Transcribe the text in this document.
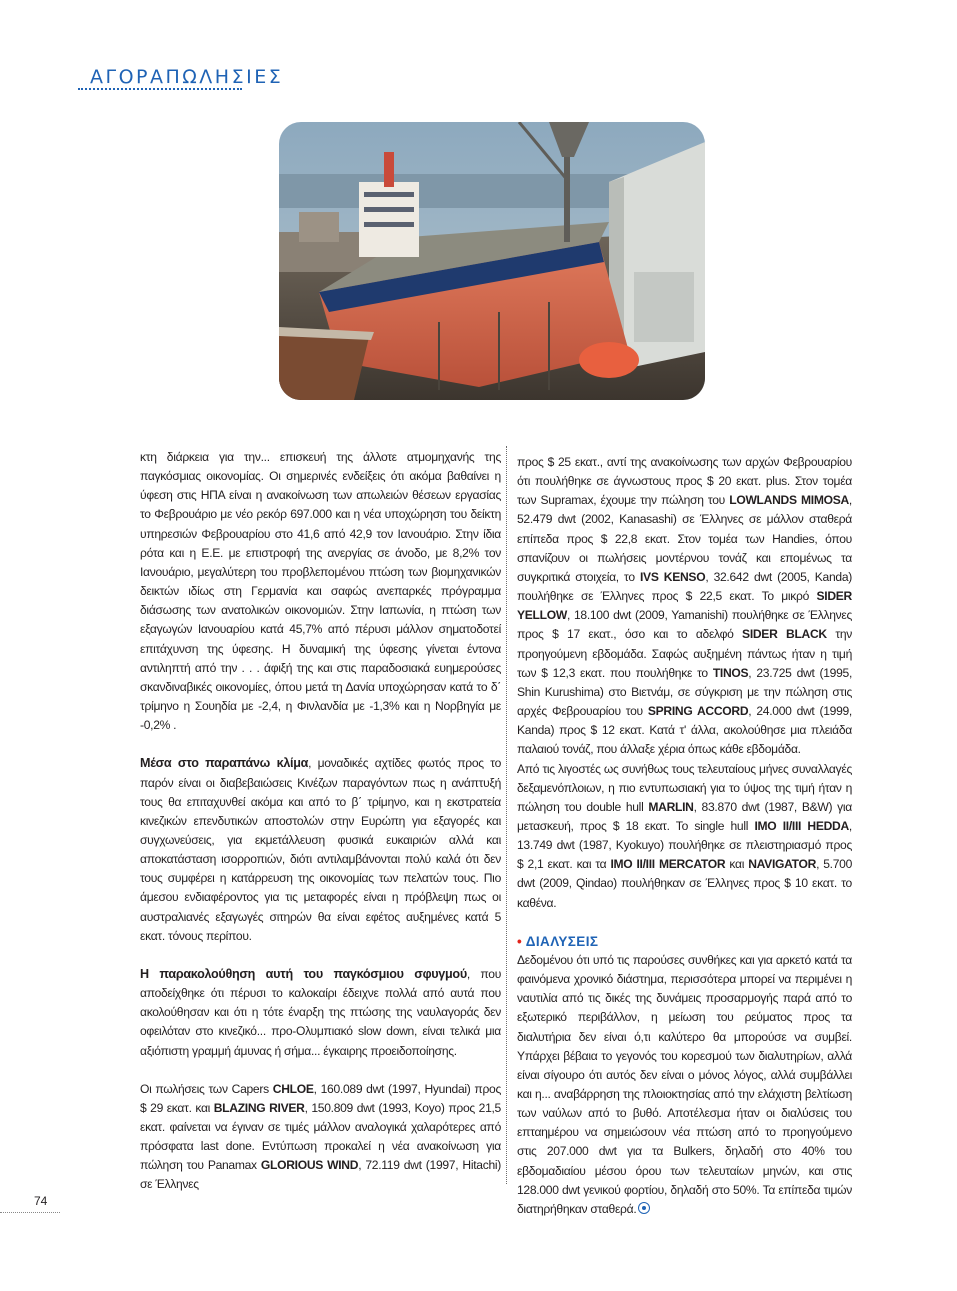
ΑΓΟΡΑΠΩΛΗΣΙΕΣ

κτη διάρκεια για την... επισκευή της άλλοτε ατμομηχανής της παγκόσμιας οικονομίας. Οι σημερινές ενδείξεις ότι ακόμα βαθαίνει η ύφεση στις ΗΠΑ είναι η ανακοίνωση των απωλειών θέσεων εργασίας το Φεβρουάριο με νέο ρεκόρ 697.000 και η νέα υποχώρηση του δείκτη υπηρεσιών Φεβρουαρίου στο 41,6 από 42,9 τον Ιανουάριο. Στην ίδια ρότα και η Ε.Ε. με επιστροφή της ανεργίας σε άνοδο, με 8,2% τον Ιανουάριο, μεγαλύτερη του προβλεπομένου πτώση των βιομηχανικών δεικτών ιδίως στη Γερμανία και σαφώς ανεπαρκές πρόγραμμα διάσωσης των ανατολικών οικονομιών. Στην Ιαπωνία, η πτώση των εξαγωγών Ιανουαρίου κατά 45,7% από πέρυσι μάλλον σηματοδοτεί επιτάχυνση της ύφεσης. Η δυναμική της ύφεσης γίνεται έντονα αντιληπτή από την . . . άφιξή της και στις παραδοσιακά ευημερούσες σκανδιναβικές οικονομίες, όπου μετά τη Δανία υποχώρησαν κατά το δ΄ τρίμηνο η Σουηδία με -2,4, η Φινλανδία με -1,3% και η Νορβηγία με -0,2% .

Μέσα στο παραπάνω κλίμα, μοναδικές αχτίδες φωτός προς το παρόν είναι οι διαβεβαιώσεις Κινέζων παραγόντων πως η ανάπτυξή τους θα επιταχυνθεί ακόμα και από το β΄ τρίμηνο, και η εκστρατεία κινεζικών επενδυτικών αποστολών στην Ευρώπη για εξαγορές και συγχωνεύσεις, για εκμετάλλευση φυσικά ευκαιριών αλλά και αποκατάσταση ισορροπιών, διότι αντιλαμβάνονται πολύ καλά ότι δεν τους συμφέρει η κατάρρευση της οικονομίας των πελατών τους. Πιο άμεσου ενδιαφέροντος για τις μεταφορές είναι η πρόβλεψη πως οι αυστραλιανές εξαγωγές σιτηρών θα είναι εφέτος αυξημένες κατά 5 εκατ. τόνους περίπου.

Η παρακολούθηση αυτή του παγκόσμιου σφυγμού, που αποδείχθηκε ότι πέρυσι το καλοκαίρι έδειχνε πολλά από αυτά που ακολούθησαν και ότι η τότε έναρξη της πτώσης της ναυλαγοράς δεν οφειλόταν στο κινεζικό... προ-Ολυμπιακό slow down, είναι τελικά μια αξιόπιστη γραμμή άμυνας ή σήμα... έγκαιρης προειδοποίησης.

Οι πωλήσεις των Capers CHLOE, 160.089 dwt (1997, Hyundai) προς $ 29 εκατ. και BLAZING RIVER, 150.809 dwt (1993, Koyo) προς 21,5 εκατ. φαίνεται να έγιναν σε τιμές μάλλον αναλογικά χαλαρότερες από πρόσφατα last done. Εντύπωση προκαλεί η νέα ανακοίνωση για πώληση του Panamax GLORIOUS WIND, 72.119 dwt (1997, Hitachi) σε Έλληνες

προς $ 25 εκατ., αντί της ανακοίνωσης των αρχών Φεβρουαρίου ότι πουλήθηκε σε άγνωστους προς $ 20 εκατ. plus. Στον τομέα των Supramax, έχουμε την πώληση του LOWLANDS MIMOSA, 52.479 dwt (2002, Kanasashi) σε Έλληνες σε μάλλον σταθερά επίπεδα προς $ 22,8 εκατ. Στον τομέα των Handies, όπου σπανίζουν οι πωλήσεις μοντέρνου τονάζ και επομένως τα συγκριτικά στοιχεία, το IVS KENSO, 32.642 dwt (2005, Kanda) πουλήθηκε σε Έλληνες προς $ 22,5 εκατ. Το μικρό SIDER YELLOW, 18.100 dwt (2009, Yamanishi) πουλήθηκε σε Έλληνες προς $ 17 εκατ., όσο και το αδελφό SIDER BLACK την προηγούμενη εβδομάδα. Σαφώς αυξημένη πάντως ήταν η τιμή των $ 12,3 εκατ. που πουλήθηκε το TINOS, 23.725 dwt (1995, Shin Kurushima) στο Βιετνάμ, σε σύγκριση με την πώληση στις αρχές Φεβρουαρίου του SPRING ACCORD, 24.000 dwt (1999, Kanda) προς $ 12 εκατ. Κατά τ' άλλα, ακολούθησε μια πλειάδα παλαιού τονάζ, που άλλαξε χέρια όπως κάθε εβδομάδα.

Από τις λιγοστές ως συνήθως τους τελευταίους μήνες συναλλαγές δεξαμενόπλοιων, η πιο εντυπωσιακή για το ύψος της τιμή ήταν η πώληση του double hull MARLIN, 83.870 dwt (1987, B&W) για μετασκευή, προς $ 18 εκατ. Το single hull IMO II/III HEDDA, 13.749 dwt (1987, Kyokuyo) πουλήθηκε σε πλειστηριασμό προς $ 2,1 εκατ. και τα IMO II/III MERCATOR και NAVIGATOR, 5.700 dwt (2009, Qindao) πουλήθηκαν σε Έλληνες προς $ 10 εκατ. το καθένα.

• ΔΙΑΛΥΣΕΙΣ

Δεδομένου ότι υπό τις παρούσες συνθήκες και για αρκετό κατά τα φαινόμενα χρονικό διάστημα, περισσότερα μπορεί να περιμένει η ναυτιλία από τις δικές της δυνάμεις προσαρμογής παρά από το εξωτερικό περιβάλλον, η μείωση του ρεύματος προς τα διαλυτήρια δεν είναι ό,τι καλύτερο θα μπορούσε να συμβεί. Υπάρχει βέβαια το γεγονός του κορεσμού των διαλυτηρίων, αλλά είναι σίγουρο ότι αυτός δεν είναι ο μόνος λόγος, αλλά συμβάλλει και η... αναβάρρηση της πλοιοκτησίας από την ελάχιστη βελτίωση των ναύλων από το βυθό. Αποτέλεσμα ήταν οι διαλύσεις του επταημέρου να σημειώσουν νέα πτώση από το προηγούμενο στις 207.000 dwt για τα Bulkers, δηλαδή στο 40% του εβδομαδιαίου μέσου όρου των τελευταίων μηνών, και στις 128.000 dwt γενικού φορτίου, δηλαδή στο 50%. Τα επίπεδα τιμών διατηρήθηκαν σταθερά.

74
